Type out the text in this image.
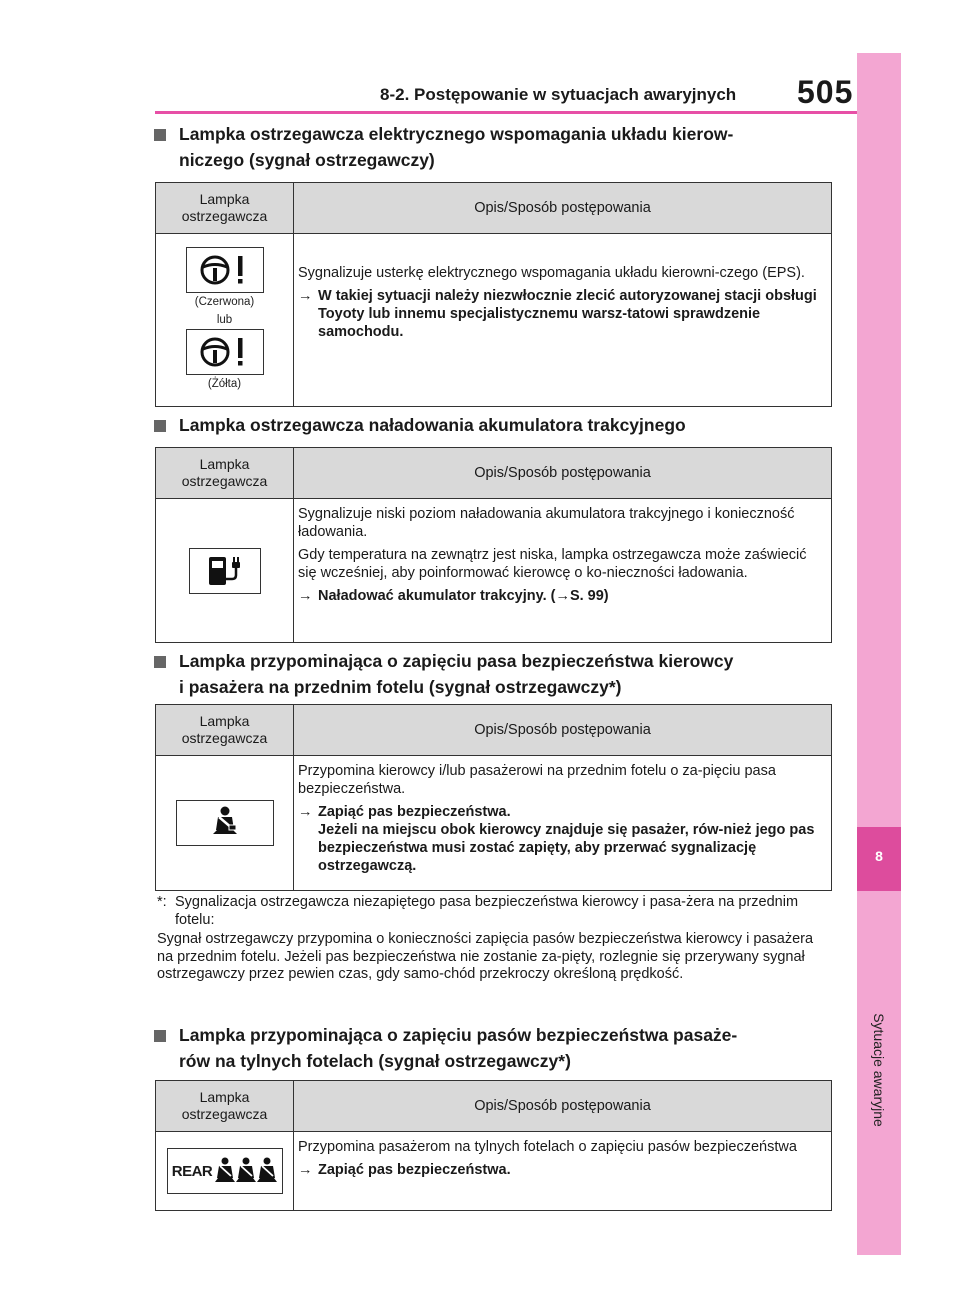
8-2. Postępowanie w sytuacjach awaryjnych 505
8
Sytuacje awaryjne
Lampka ostrzegawcza elektrycznego wspomagania układu kierow-
niczego (sygnał ostrzegawczy)
Lampka ostrzegawcza	Opis/Sposób postępowania
(Czerwona)
lub
(Żółta)

Sygnalizuje usterkę elektrycznego wspomagania układu kierowni-czego (EPS).

→ W takiej sytuacji należy niezwłocznie zlecić autoryzowanej stacji obsługi Toyoty lub innemu specjalistycznemu warsz-tatowi sprawdzenie samochodu.
Lampka ostrzegawcza naładowania akumulatora trakcyjnego
Lampka ostrzegawcza	Opis/Sposób postępowania

Sygnalizuje niski poziom naładowania akumulatora trakcyjnego i konieczność ładowania.

Gdy temperatura na zewnątrz jest niska, lampka ostrzegawcza może zaświecić się wcześniej, aby poinformować kierowcę o ko-nieczności ładowania.

→ Naładować akumulator trakcyjny. (→S. 99)
Lampka przypominająca o zapięciu pasa bezpieczeństwa kierowcy
i pasażera na przednim fotelu (sygnał ostrzegawczy*)
Lampka ostrzegawcza	Opis/Sposób postępowania

Przypomina kierowcy i/lub pasażerowi na przednim fotelu o za-pięciu pasa bezpieczeństwa.

→ Zapiąć pas bezpieczeństwa.
Jeżeli na miejscu obok kierowcy znajduje się pasażer, rów-nież jego pas bezpieczeństwa musi zostać zapięty, aby przerwać sygnalizację ostrzegawczą.
*: Sygnalizacja ostrzegawcza niezapiętego pasa bezpieczeństwa kierowcy i pasa-żera na przednim fotelu:

Sygnał ostrzegawczy przypomina o konieczności zapięcia pasów bezpieczeństwa kierowcy i pasażera na przednim fotelu. Jeżeli pas bezpieczeństwa nie zostanie za-pięty, rozlegnie się przerywany sygnał ostrzegawczy przez pewien czas, gdy samo-chód przekroczy określoną prędkość.

Lampka przypominająca o zapięciu pasów bezpieczeństwa pasaże-
rów na tylnych fotelach (sygnał ostrzegawczy*)
Lampka ostrzegawcza	Opis/Sposób postępowania
REAR

Przypomina pasażerom na tylnych fotelach o zapięciu pasów bezpieczeństwa

→ Zapiąć pas bezpieczeństwa.
